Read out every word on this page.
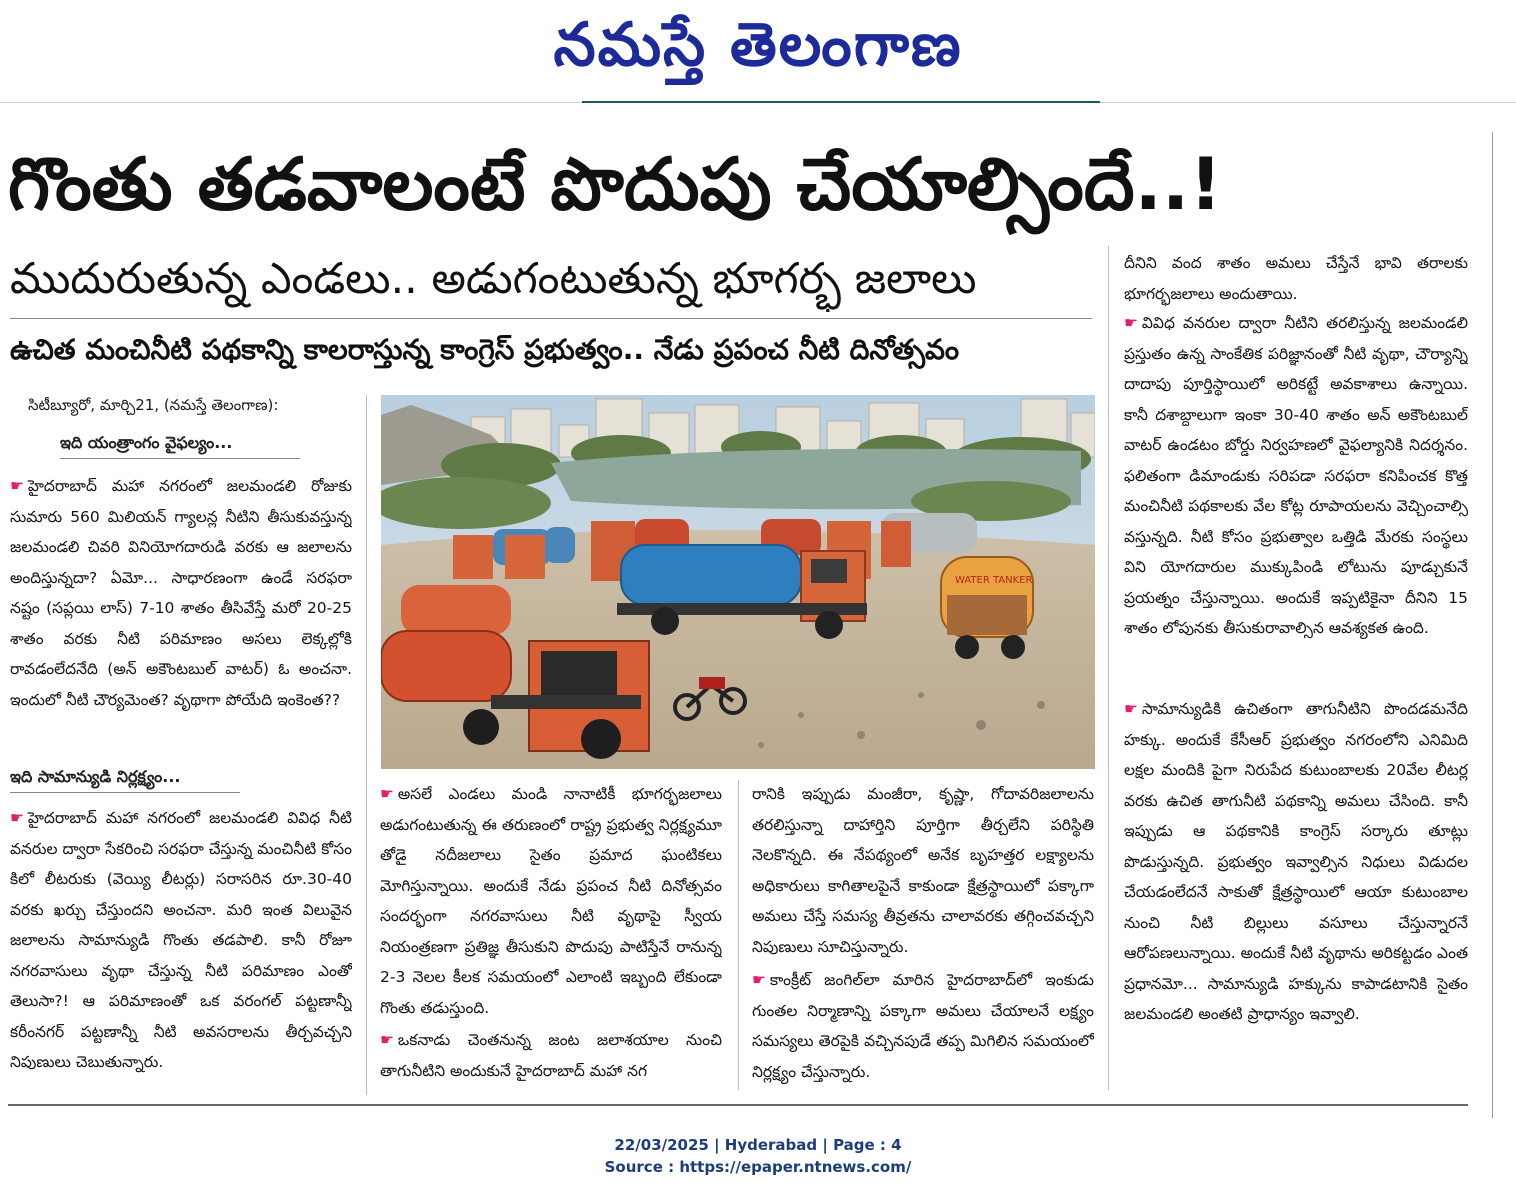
నమస్తే తెలంగాణ
గొంతు తడవాలంటే పొదుపు చేయాల్సిందే..!
ముదురుతున్న ఎండలు.. అడుగంటుతున్న భూగర్భ జలాలు
ఉచిత మంచినీటి పథకాన్ని కాలరాస్తున్న కాంగ్రెస్ ప్రభుత్వం.. నేడు ప్రపంచ నీటి దినోత్సవం
సిటీబ్యూరో, మార్చి21, (నమస్తే తెలంగాణ):
ఇది యంత్రాంగం వైఫల్యం...
☛ హైదరాబాద్ మహా నగరంలో జలమండలి రోజుకు సుమారు 560 మిలియన్ గ్యాలన్ల నీటిని తీసుకువస్తున్న జలమండలి చివరి వినియోగదారుడి వరకు ఆ జలాలను అందిస్తున్నదా? ఏమో... సాధారణంగా ఉండే సరఫరా నష్టం (సప్లయి లాస్) 7-10 శాతం తీసివేస్తే మరో 20-25 శాతం వరకు నీటి పరిమాణం అసలు లెక్కల్లోకి రావడంలేదనేది (అన్ అకౌంటబుల్ వాటర్) ఓ అంచనా. ఇందులో నీటి చౌర్యమెంత? వృథాగా పోయేది ఇంకెంత??
ఇది సామాన్యుడి నిర్లక్ష్యం...
☛ హైదరాబాద్ మహా నగరంలో జలమండలి వివిధ నీటి వనరుల ద్వారా సేకరించి సరఫరా చేస్తున్న మంచినీటి కోసం కిలో లీటరుకు (వెయ్యి లీటర్లు) సరాసరిన రూ.30-40 వరకు ఖర్చు చేస్తుందని అంచనా. మరి ఇంత విలువైన జలాలను సామాన్యుడి గొంతు తడపాలి. కానీ రోజూ నగరవాసులు వృథా చేస్తున్న నీటి పరిమాణం ఎంతో తెలుసా?! ఆ పరిమాణంతో ఒక వరంగల్ పట్టణాన్నీ కరీంనగర్ పట్టణాన్నీ నీటి అవసరాలను తీర్చవచ్చని నిపుణులు చెబుతున్నారు.
WATER TANKER
☛ అసలే ఎండలు మండి నానాటికీ భూగర్భజలాలు అడుగంటుతున్న ఈ తరుణంలో రాష్ట్ర ప్రభుత్వ నిర్లక్ష్యమూ తోడై నదీజలాలు సైతం ప్రమాద ఘంటికలు మోగిస్తున్నాయి. అందుకే నేడు ప్రపంచ నీటి దినోత్సవం సందర్భంగా నగరవాసులు నీటి వృథాపై స్వీయ నియంత్రణగా ప్రతిజ్ఞ తీసుకుని పొదుపు పాటిస్తేనే రానున్న 2-3 నెలల కీలక సమయంలో ఎలాంటి ఇబ్బంది లేకుండా గొంతు తడుస్తుంది.
☛ ఒకనాడు చెంతనున్న జంట జలాశయాల నుంచి తాగునీటిని అందుకునే హైదరాబాద్ మహా నగ
రానికి ఇప్పుడు మంజీరా, కృష్ణా, గోదావరిజలాలను తరలిస్తున్నా దాహార్తిని పూర్తిగా తీర్చలేని పరిస్థితి నెలకొన్నది. ఈ నేపథ్యంలో అనేక బృహత్తర లక్ష్యాలను అధికారులు కాగితాలపైనే కాకుండా క్షేత్రస్థాయిలో పక్కాగా అమలు చేస్తే సమస్య తీవ్రతను చాలావరకు తగ్గించవచ్చని నిపుణులు సూచిస్తున్నారు.
☛ కాంక్రీట్ జంగిల్‌లా మారిన హైదరాబాద్‌లో ఇంకుడు గుంతల నిర్మాణాన్ని పక్కాగా అమలు చేయాలనే లక్ష్యం సమస్యలు తెరపైకి వచ్చినపుడే తప్ప మిగిలిన సమయంలో నిర్లక్ష్యం చేస్తున్నారు.
దీనిని వంద శాతం అమలు చేస్తేనే భావి తరాలకు భూగర్భజలాలు అందుతాయి.
☛ వివిధ వనరుల ద్వారా నీటిని తరలిస్తున్న జలమండలి ప్రస్తుతం ఉన్న సాంకేతిక పరిజ్ఞానంతో నీటి వృథా, చౌర్యాన్ని దాదాపు పూర్తిస్థాయిలో అరికట్టే అవకాశాలు ఉన్నాయి. కానీ దశాబ్దాలుగా ఇంకా 30-40 శాతం అన్ అకౌంటబుల్ వాటర్ ఉండటం బోర్డు నిర్వహణలో వైఫల్యానికి నిదర్శనం. ఫలితంగా డిమాండుకు సరిపడా సరఫరా కనిపించక కొత్త మంచినీటి పథకాలకు వేల కోట్ల రూపాయలను వెచ్చించాల్సి వస్తున్నది. నీటి కోసం ప్రభుత్వాల ఒత్తిడి మేరకు సంస్థలు విని యోగదారుల ముక్కుపిండి లోటును పూడ్చుకునే ప్రయత్నం చేస్తున్నాయి. అందుకే ఇప్పటికైనా దీనిని 15 శాతం లోపునకు తీసుకురావాల్సిన ఆవశ్యకత ఉంది.
☛ సామాన్యుడికి ఉచితంగా తాగునీటిని పొందడమనేది హక్కు. అందుకే కేసీఆర్ ప్రభుత్వం నగరంలోని ఎనిమిది లక్షల మందికి పైగా నిరుపేద కుటుంబాలకు 20వేల లీటర్ల వరకు ఉచిత తాగునీటి పథకాన్ని అమలు చేసింది. కానీ ఇప్పుడు ఆ పథకానికి కాంగ్రెస్ సర్కారు తూట్లు పొడుస్తున్నది. ప్రభుత్వం ఇవ్వాల్సిన నిధులు విడుదల చేయడంలేదనే సాకుతో క్షేత్రస్థాయిలో ఆయా కుటుంబాల నుంచి నీటి బిల్లులు వసూలు చేస్తున్నారనే ఆరోపణలున్నాయి. అందుకే నీటి వృథాను అరికట్టడం ఎంత ప్రధానమో... సామాన్యుడి హక్కును కాపాడటానికి సైతం జలమండలి అంతటి ప్రాధాన్యం ఇవ్వాలి.
22/03/2025 | Hyderabad | Page : 4
Source : https://epaper.ntnews.com/
